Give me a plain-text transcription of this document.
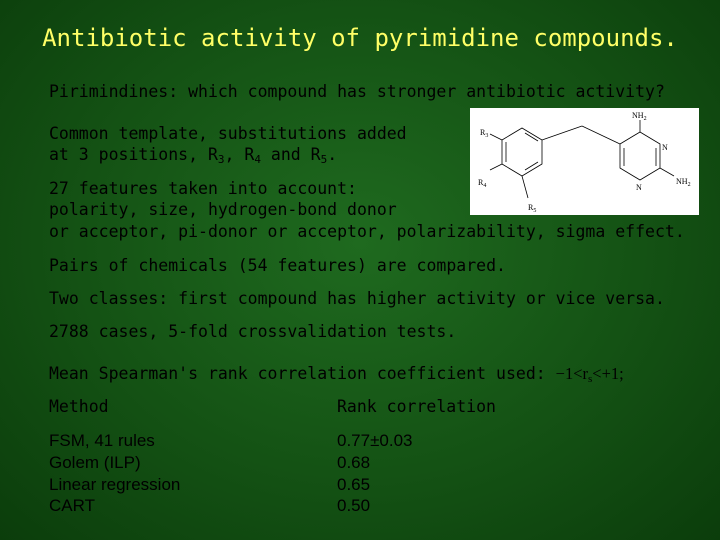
Antibiotic activity of pyrimidine compounds.
Pirimindines: which compound has stronger antibiotic activity?
Common template, substitutions added
at 3 positions, $R_3$, $R_4$ and $R_5$.
27 features taken into account:
polarity, size, hydrogen-bond donor
or acceptor, pi-donor or acceptor, polarizability, sigma effect.
Pairs of chemicals (54 features) are compared.
Two classes: first compound has higher activity or vice versa.
2788 cases, 5-fold crossvalidation tests.
Mean Spearman's rank correlation coefficient used: $-1<r_s<+1$;
Method	Rank correlation
FSM, 41 rules	0.77±0.03
Golem (ILP)	0.68
Linear regression	0.65
CART	0.50
$NH_2$
$R_3$
$R_4$
$R_5$
N
N
$NH_2$
